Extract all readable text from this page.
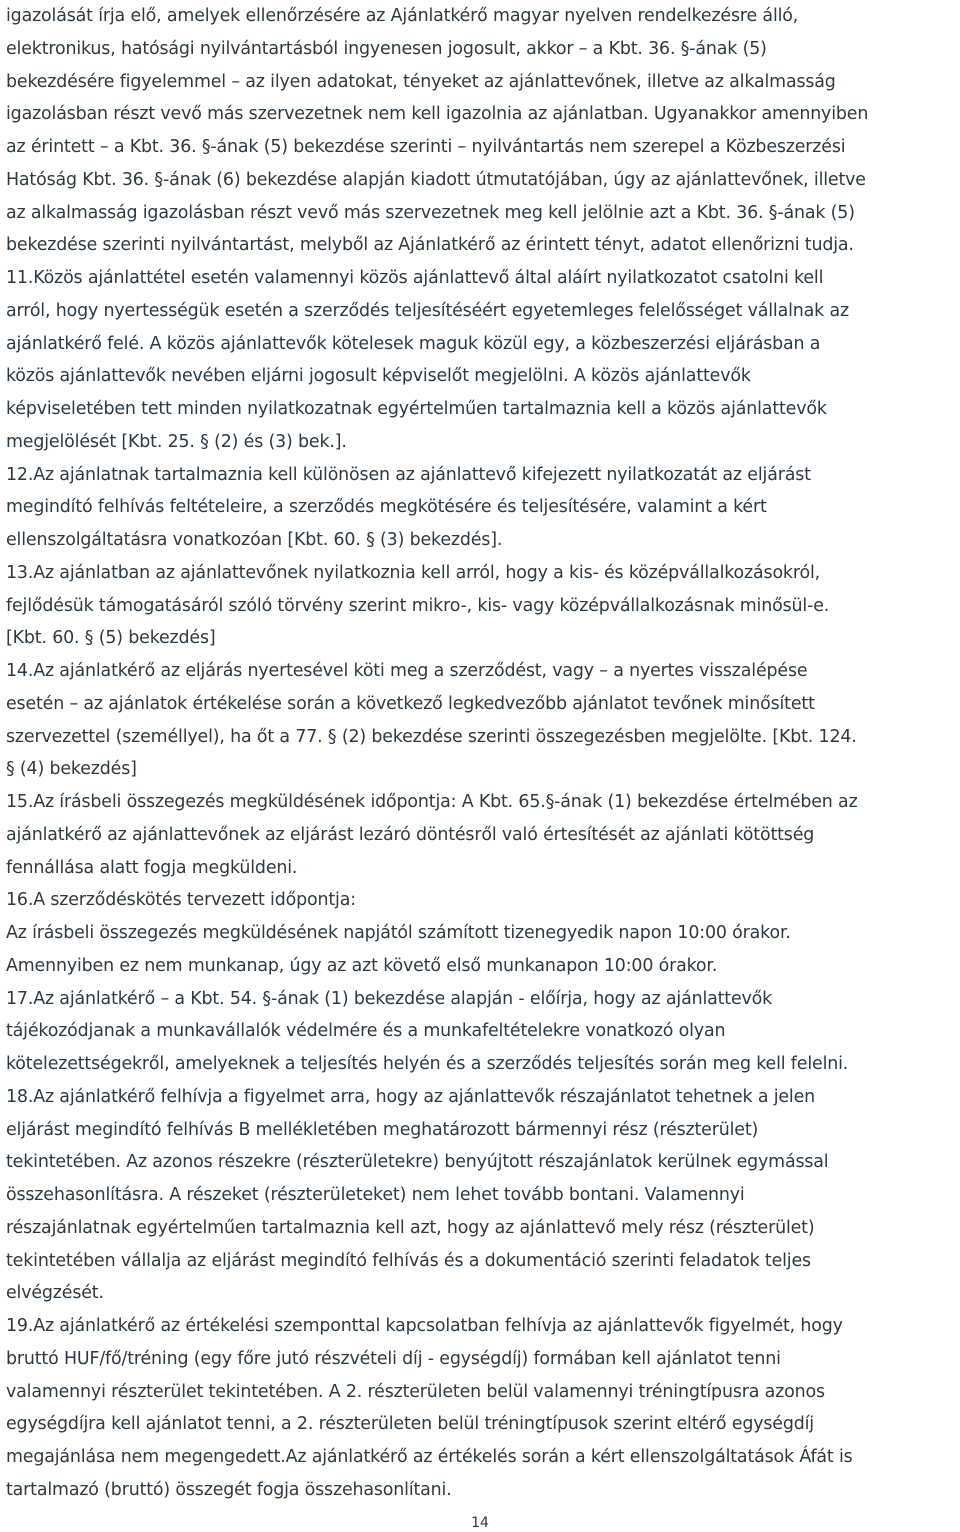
igazolását írja elő, amelyek ellenőrzésére az Ajánlatkérő magyar nyelven rendelkezésre álló,
elektronikus, hatósági nyilvántartásból ingyenesen jogosult, akkor – a Kbt. 36. §-ának (5)
bekezdésére figyelemmel – az ilyen adatokat, tényeket az ajánlattevőnek, illetve az alkalmasság
igazolásban részt vevő más szervezetnek nem kell igazolnia az ajánlatban. Ugyanakkor amennyiben
az érintett – a Kbt. 36. §-ának (5) bekezdése szerinti – nyilvántartás nem szerepel a Közbeszerzési
Hatóság Kbt. 36. §-ának (6) bekezdése alapján kiadott útmutatójában, úgy az ajánlattevőnek, illetve
az alkalmasság igazolásban részt vevő más szervezetnek meg kell jelölnie azt a Kbt. 36. §-ának (5)
bekezdése szerinti nyilvántartást, melyből az Ajánlatkérő az érintett tényt, adatot ellenőrizni tudja.
11.Közös ajánlattétel esetén valamennyi közös ajánlattevő által aláírt nyilatkozatot csatolni kell
arról, hogy nyertességük esetén a szerződés teljesítéséért egyetemleges felelősséget vállalnak az
ajánlatkérő felé. A közös ajánlattevők kötelesek maguk közül egy, a közbeszerzési eljárásban a
közös ajánlattevők nevében eljárni jogosult képviselőt megjelölni. A közös ajánlattevők
képviseletében tett minden nyilatkozatnak egyértelműen tartalmaznia kell a közös ajánlattevők
megjelölését [Kbt. 25. § (2) és (3) bek.].
12.Az ajánlatnak tartalmaznia kell különösen az ajánlattevő kifejezett nyilatkozatát az eljárást
megindító felhívás feltételeire, a szerződés megkötésére és teljesítésére, valamint a kért
ellenszolgáltatásra vonatkozóan [Kbt. 60. § (3) bekezdés].
13.Az ajánlatban az ajánlattevőnek nyilatkoznia kell arról, hogy a kis- és középvállalkozásokról,
fejlődésük támogatásáról szóló törvény szerint mikro-, kis- vagy középvállalkozásnak minősül-e.
[Kbt. 60. § (5) bekezdés]
14.Az ajánlatkérő az eljárás nyertesével köti meg a szerződést, vagy – a nyertes visszalépése
esetén – az ajánlatok értékelése során a következő legkedvezőbb ajánlatot tevőnek minősített
szervezettel (személlyel), ha őt a 77. § (2) bekezdése szerinti összegezésben megjelölte. [Kbt. 124.
§ (4) bekezdés]
15.Az írásbeli összegezés megküldésének időpontja: A Kbt. 65.§-ának (1) bekezdése értelmében az
ajánlatkérő az ajánlattevőnek az eljárást lezáró döntésről való értesítését az ajánlati kötöttség
fennállása alatt fogja megküldeni.
16.A szerződéskötés tervezett időpontja:
Az írásbeli összegezés megküldésének napjától számított tizenegyedik napon 10:00 órakor.
Amennyiben ez nem munkanap, úgy az azt követő első munkanapon 10:00 órakor.
17.Az ajánlatkérő – a Kbt. 54. §-ának (1) bekezdése alapján - előírja, hogy az ajánlattevők
tájékozódjanak a munkavállalók védelmére és a munkafeltételekre vonatkozó olyan
kötelezettségekről, amelyeknek a teljesítés helyén és a szerződés teljesítés során meg kell felelni.
18.Az ajánlatkérő felhívja a figyelmet arra, hogy az ajánlattevők részajánlatot tehetnek a jelen
eljárást megindító felhívás B mellékletében meghatározott bármennyi rész (részterület)
tekintetében. Az azonos részekre (részterületekre) benyújtott részajánlatok kerülnek egymással
összehasonlításra. A részeket (részterületeket) nem lehet tovább bontani. Valamennyi
részajánlatnak egyértelműen tartalmaznia kell azt, hogy az ajánlattevő mely rész (részterület)
tekintetében vállalja az eljárást megindító felhívás és a dokumentáció szerinti feladatok teljes
elvégzését.
19.Az ajánlatkérő az értékelési szemponttal kapcsolatban felhívja az ajánlattevők figyelmét, hogy
bruttó HUF/fő/tréning (egy főre jutó részvételi díj - egységdíj) formában kell ajánlatot tenni
valamennyi részterület tekintetében. A 2. részterületen belül valamennyi tréningtípusra azonos
egységdíjra kell ajánlatot tenni, a 2. részterületen belül tréningtípusok szerint eltérő egységdíj
megajánlása nem megengedett.Az ajánlatkérő az értékelés során a kért ellenszolgáltatások Áfát is
tartalmazó (bruttó) összegét fogja összehasonlítani.
14
